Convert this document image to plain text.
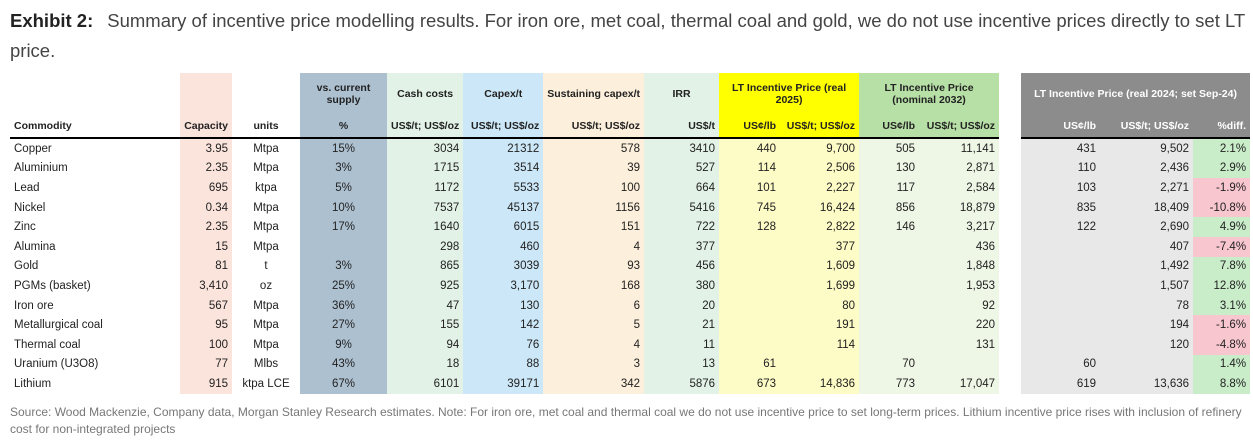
Exhibit 2: Summary of incentive price modelling results. For iron ore, met coal, thermal coal and gold, we do not use incentive prices directly to set LT price.
			vs. current supply	Cash costs	Capex/t	Sustaining capex/t	IRR	LT Incentive Price (real 2025)		LT Incentive Price (nominal 2032)			LT Incentive Price (real 2024; set Sep-24)		
Commodity	Capacity	units	%	US$/t; US$/oz	US$/t; US$/oz	US$/t; US$/oz	US$/t	US¢/lb	US$/t; US$/oz	US¢/lb	US$/t; US$/oz		US¢/lb	US$/t; US$/oz	%diff.
Copper	3.95	Mtpa	15%	3034	21312	578	3410	440	9,700	505	11,141		431	9,502	2.1%
Aluminium	2.35	Mtpa	3%	1715	3514	39	527	114	2,506	130	2,871		110	2,436	2.9%
Lead	695	ktpa	5%	1172	5533	100	664	101	2,227	117	2,584		103	2,271	-1.9%
Nickel	0.34	Mtpa	10%	7537	45137	1156	5416	745	16,424	856	18,879		835	18,409	-10.8%
Zinc	2.35	Mtpa	17%	1640	6015	151	722	128	2,822	146	3,217		122	2,690	4.9%
Alumina	15	Mtpa		298	460	4	377		377		436			407	-7.4%
Gold	81	t	3%	865	3039	93	456		1,609		1,848			1,492	7.8%
PGMs (basket)	3,410	oz	25%	925	3,170	168	380		1,699		1,953			1,507	12.8%
Iron ore	567	Mtpa	36%	47	130	6	20		80		92			78	3.1%
Metallurgical coal	95	Mtpa	27%	155	142	5	21		191		220			194	-1.6%
Thermal coal	100	Mtpa	9%	94	76	4	11		114		131			120	-4.8%
Uranium (U3O8)	77	Mlbs	43%	18	88	3	13	61		70			60		1.4%
Lithium	915	ktpa LCE	67%	6101	39171	342	5876	673	14,836	773	17,047		619	13,636	8.8%
Source: Wood Mackenzie, Company data, Morgan Stanley Research estimates. Note: For iron ore, met coal and thermal coal we do not use incentive price to set long-term prices. Lithium incentive price rises with inclusion of refinery cost for non-integrated projects
